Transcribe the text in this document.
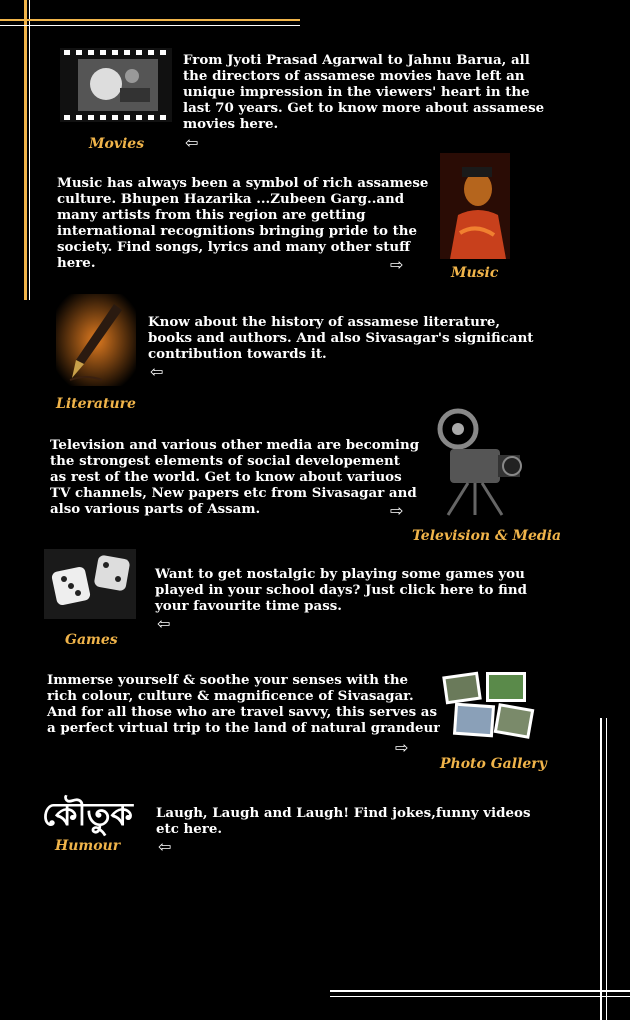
Movies

From Jyoti Prasad Agarwal to Jahnu Barua, all the directors of assamese movies have left an unique impression in the viewers' heart in the last 70 years. Get to know more about assamese movies here.

⇦

Music has always been a symbol of rich assamese culture. Bhupen Hazarika ...Zubeen Garg..and many artists from this region are getting international recognitions bringing pride to the society. Find songs, lyrics and many other stuff here.	⇨	Music
Literature

Know about the history of assamese literature, books and authors. And also Sivasagar's significant contribution towards it.

⇦

Television and various other media are becoming the strongest elements of social developement as rest of the world. Get to know about variuos TV channels, New papers etc from Sivasagar and also various parts of Assam.	⇨
Television & Media
Games

Want to get nostalgic by playing some games you played in your school days? Just click here to find your favourite time pass.

⇦

Immerse yourself & soothe your senses with the rich colour, culture & magnificence of Sivasagar. And for all those who are travel savvy, this serves as a perfect virtual trip to the land of natural grandeur

⇨
Photo Gallery
কৌতুক
Humour

Laugh, Laugh and Laugh! Find jokes,funny videos etc here.

⇦
